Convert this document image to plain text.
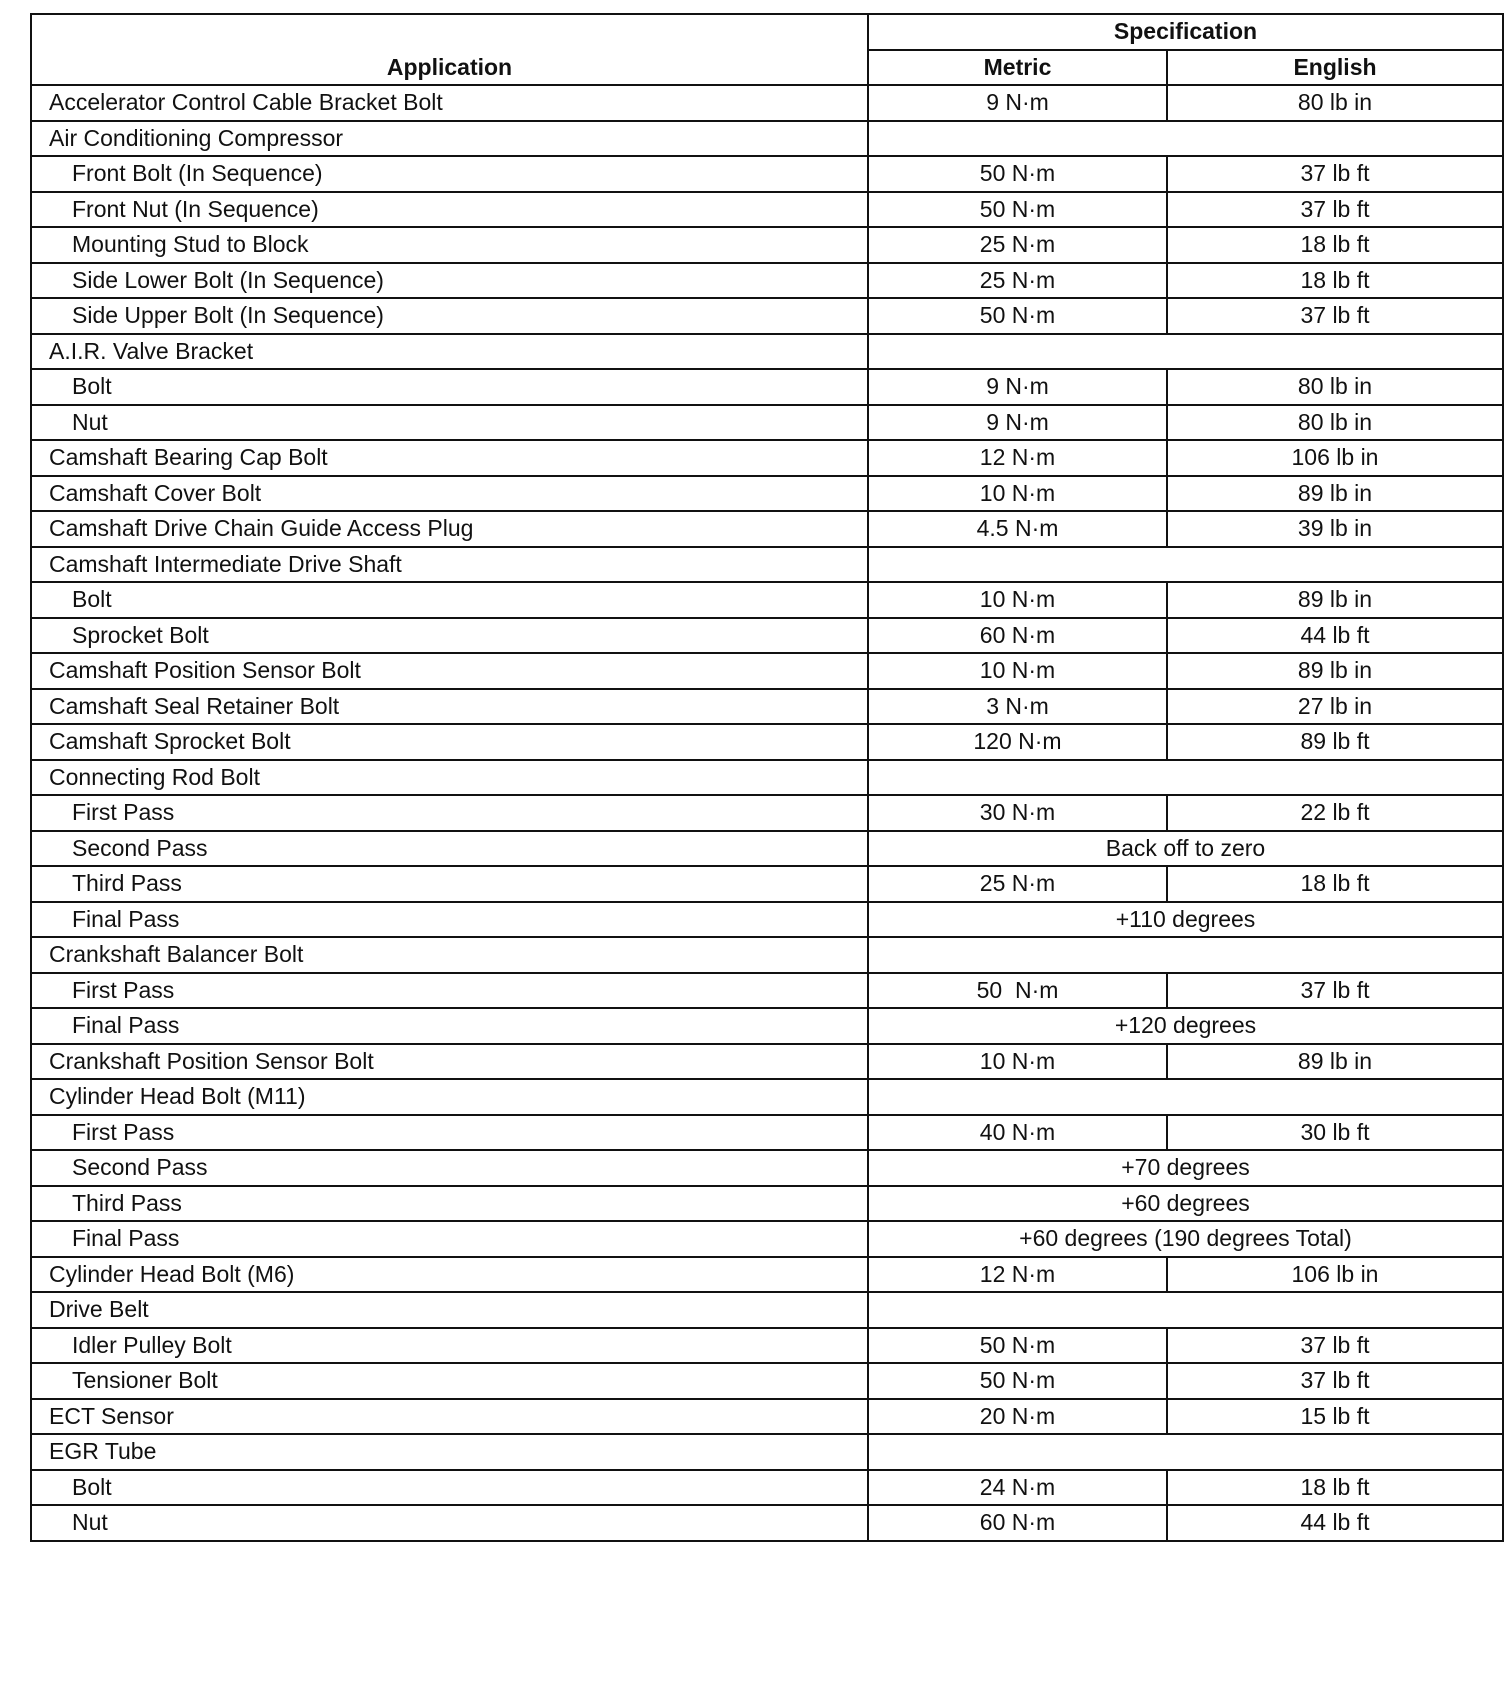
Application	Specification	
	Metric	English
Accelerator Control Cable Bracket Bolt	9 N·m	80 lb in
Air Conditioning Compressor		
Front Bolt (In Sequence)	50 N·m	37 lb ft
Front Nut (In Sequence)	50 N·m	37 lb ft
Mounting Stud to Block	25 N·m	18 lb ft
Side Lower Bolt (In Sequence)	25 N·m	18 lb ft
Side Upper Bolt (In Sequence)	50 N·m	37 lb ft
A.I.R. Valve Bracket		
Bolt	9 N·m	80 lb in
Nut	9 N·m	80 lb in
Camshaft Bearing Cap Bolt	12 N·m	106 lb in
Camshaft Cover Bolt	10 N·m	89 lb in
Camshaft Drive Chain Guide Access Plug	4.5 N·m	39 lb in
Camshaft Intermediate Drive Shaft		
Bolt	10 N·m	89 lb in
Sprocket Bolt	60 N·m	44 lb ft
Camshaft Position Sensor Bolt	10 N·m	89 lb in
Camshaft Seal Retainer Bolt	3 N·m	27 lb in
Camshaft Sprocket Bolt	120 N·m	89 lb ft
Connecting Rod Bolt		
First Pass	30 N·m	22 lb ft
Second Pass	Back off to zero	
Third Pass	25 N·m	18 lb ft
Final Pass	+110 degrees	
Crankshaft Balancer Bolt		
First Pass	50  N·m	37 lb ft
Final Pass	+120 degrees	
Crankshaft Position Sensor Bolt	10 N·m	89 lb in
Cylinder Head Bolt (M11)		
First Pass	40 N·m	30 lb ft
Second Pass	+70 degrees	
Third Pass	+60 degrees	
Final Pass	+60 degrees (190 degrees Total)	
Cylinder Head Bolt (M6)	12 N·m	106 lb in
Drive Belt		
Idler Pulley Bolt	50 N·m	37 lb ft
Tensioner Bolt	50 N·m	37 lb ft
ECT Sensor	20 N·m	15 lb ft
EGR Tube		
Bolt	24 N·m	18 lb ft
Nut	60 N·m	44 lb ft
